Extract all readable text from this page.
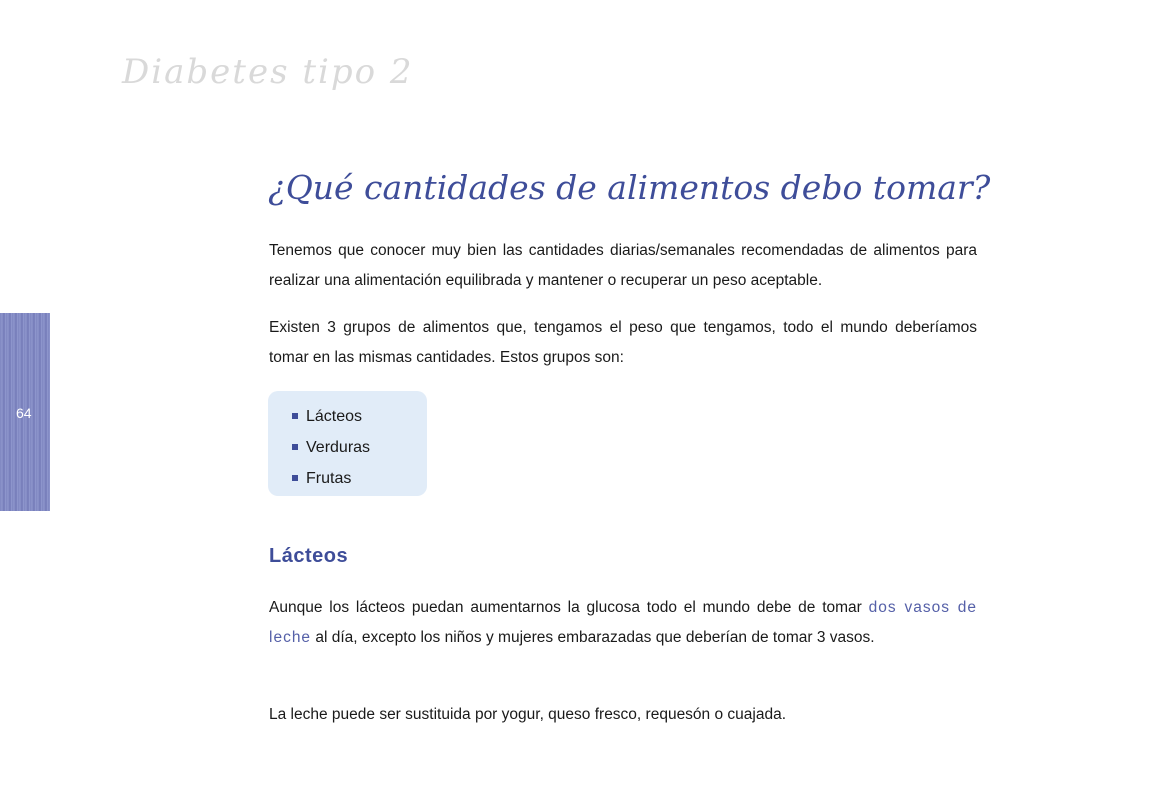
Diabetes tipo 2
64
¿Qué cantidades de alimentos debo tomar?

Tenemos que conocer muy bien las cantidades diarias/semanales recomendadas de alimentos para realizar una alimentación equilibrada y mantener o recuperar un peso aceptable.

Existen 3 grupos de alimentos que, tengamos el peso que tengamos, todo el mundo deberíamos tomar en las mismas cantidades. Estos grupos son:

Lácteos
Verduras
Frutas
Lácteos

Aunque los lácteos puedan aumentarnos la glucosa todo el mundo debe de tomar dos vasos de leche al día, excepto los niños y mujeres embarazadas que deberían de tomar 3 vasos.

La leche puede ser sustituida por yogur, queso fresco, requesón o cuajada.
